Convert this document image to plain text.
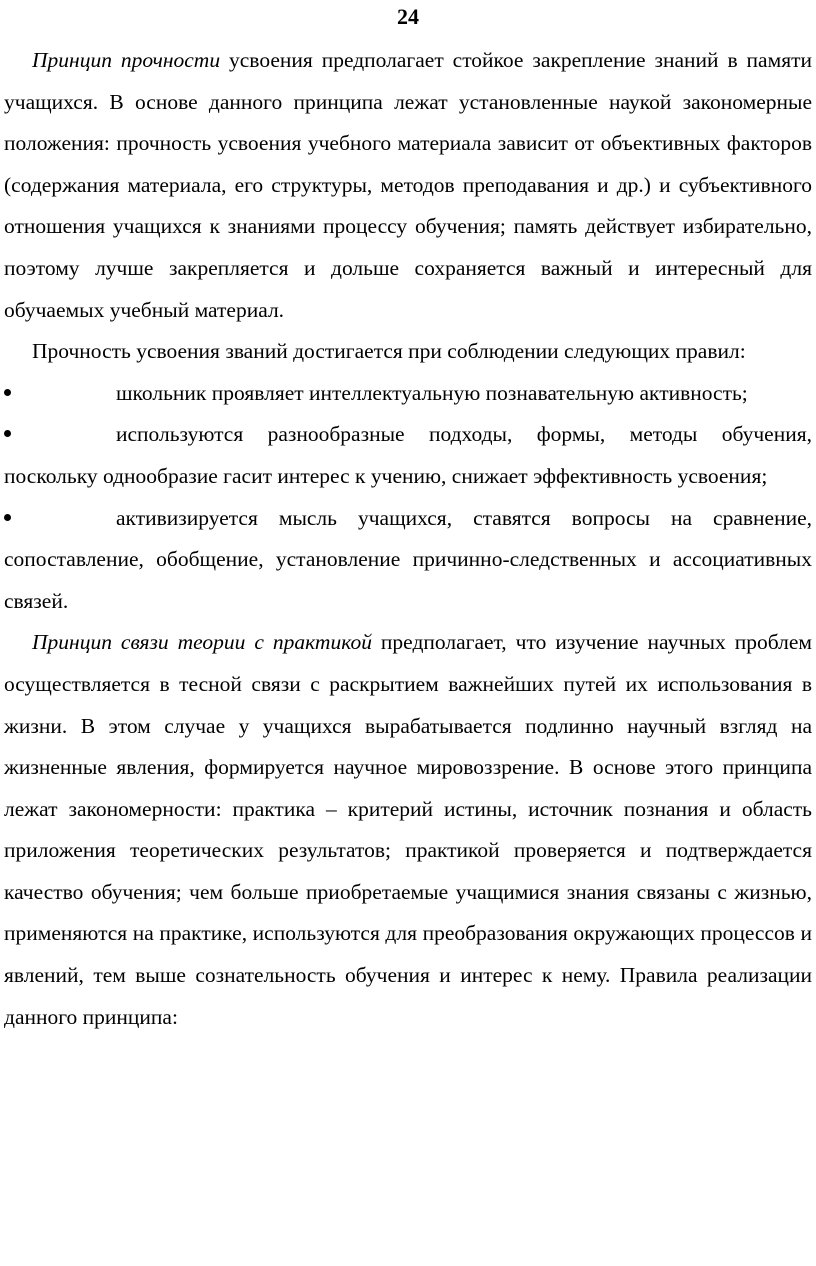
24

Принцип прочности усвоения предполагает стойкое закрепление знаний в памяти учащихся. В основе данного принципа лежат установленные наукой закономерные положения: прочность усвоения учебного материала зависит от объективных факторов (содержания материала, его структуры, методов преподавания и др.) и субъективного отношения учащихся к знаниями процессу обучения; память действует избирательно, поэтому лучше закрепляется и дольше сохраняется важный и интересный для обучаемых учебный материал.

Прочность усвоения званий достигается при соблюдении следующих правил:

школьник проявляет интеллектуальную познавательную активность;

используются разнообразные подходы, формы, методы обучения, поскольку однообразие гасит интерес к учению, снижает эффективность усвоения;

активизируется мысль учащихся, ставятся вопросы на сравнение, сопоставление, обобщение, установление причинно-следственных и ассоциативных связей.

Принцип связи теории с практикой предполагает, что изучение научных проблем осуществляется в тесной связи с раскрытием важнейших путей их использования в жизни. В этом случае у учащихся вырабатывается подлинно научный взгляд на жизненные явления, формируется научное мировоззрение. В основе этого принципа лежат закономерности: практика – критерий истины, источник познания и область приложения теоретических результатов; практикой проверяется и подтверждается качество обучения; чем больше приобретаемые учащимися знания связаны с жизнью, применяются на практике, используются для преобразования окружающих процессов и явлений, тем выше сознательность обучения и интерес к нему. Правила реализации данного принципа:
